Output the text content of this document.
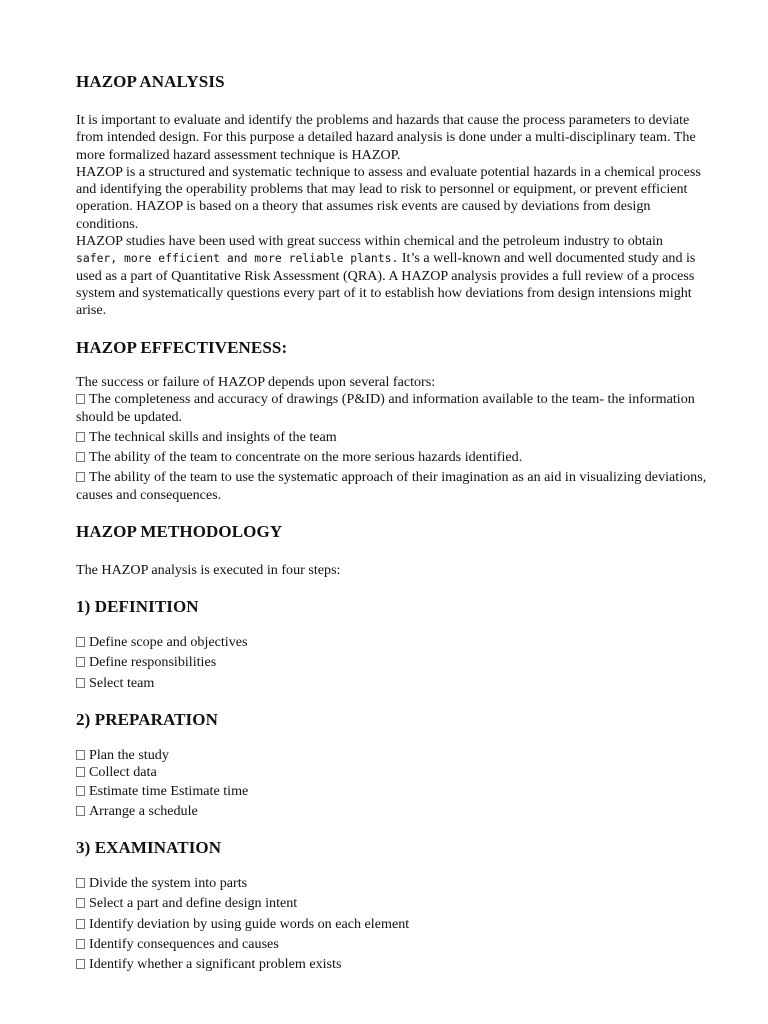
HAZOP ANALYSIS

It is important to evaluate and identify the problems and hazards that cause the process parameters to deviate from intended design. For this purpose a detailed hazard analysis is done under a multi-disciplinary team. The more formalized hazard assessment technique is HAZOP.

HAZOP is a structured and systematic technique to assess and evaluate potential hazards in a chemical process and identifying the operability problems that may lead to risk to personnel or equipment, or prevent efficient operation. HAZOP is based on a theory that assumes risk events are caused by deviations from design conditions.

HAZOP studies have been used with great success within chemical and the petroleum industry to obtain
safer, more efficient and more reliable plants. It’s a well-known and well documented study and is used as a part of Quantitative Risk Assessment (QRA). A HAZOP analysis provides a full review of a process system and systematically questions every part of it to establish how deviations from design intensions might arise.

HAZOP EFFECTIVENESS:

The success or failure of HAZOP depends upon several factors:

The completeness and accuracy of drawings (P&ID) and information available to the team- the information should be updated.

The technical skills and insights of the team

The ability of the team to concentrate on the more serious hazards identified.

The ability of the team to use the systematic approach of their imagination as an aid in visualizing deviations, causes and consequences.

HAZOP METHODOLOGY

The HAZOP analysis is executed in four steps:

1) DEFINITION

Define scope and objectives

Define responsibilities

Select team

2) PREPARATION

Plan the study

Collect data

Estimate time Estimate time

Arrange a schedule

3) EXAMINATION

Divide the system into parts

Select a part and define design intent

Identify deviation by using guide words on each element

Identify consequences and causes

Identify whether a significant problem exists
